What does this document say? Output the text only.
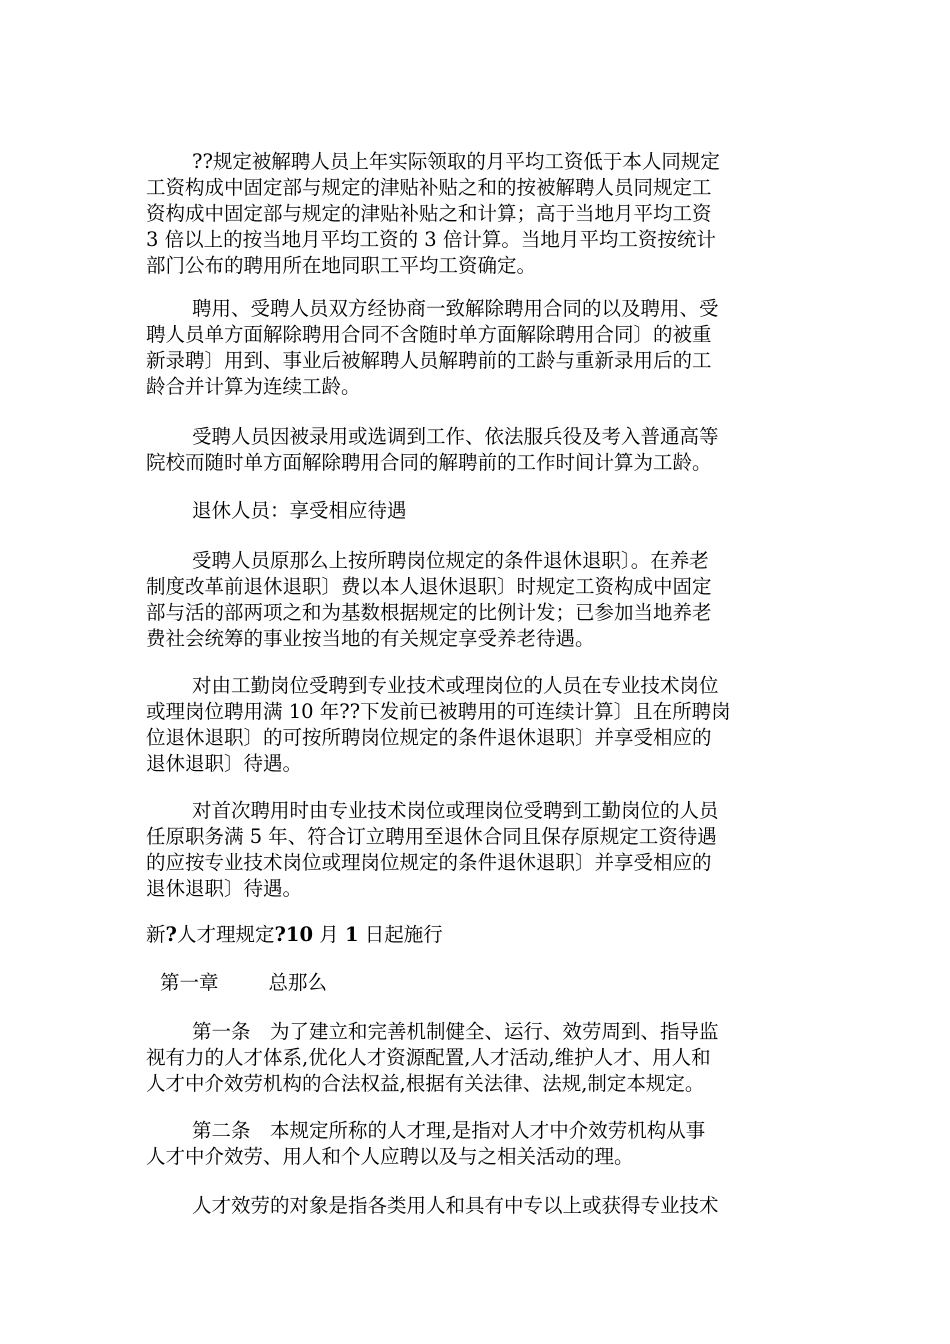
??规定被解聘人员上年实际领取的月平均工资低于本人同规定
工资构成中固定部与规定的津贴补贴之和的按被解聘人员同规定工
资构成中固定部与规定的津贴补贴之和计算；高于当地月平均工资
3 倍以上的按当地月平均工资的 3 倍计算。当地月平均工资按统计
部门公布的聘用所在地同职工平均工资确定。
聘用、受聘人员双方经协商一致解除聘用合同的以及聘用、受
聘人员单方面解除聘用合同不含随时单方面解除聘用合同〕的被重
新录聘〕用到、事业后被解聘人员解聘前的工龄与重新录用后的工
龄合并计算为连续工龄。
受聘人员因被录用或选调到工作、依法服兵役及考入普通高等
院校而随时单方面解除聘用合同的解聘前的工作时间计算为工龄。
退休人员：享受相应待遇
受聘人员原那么上按所聘岗位规定的条件退休退职〕。在养老
制度改革前退休退职〕费以本人退休退职〕时规定工资构成中固定
部与活的部两项之和为基数根据规定的比例计发；已参加当地养老
费社会统筹的事业按当地的有关规定享受养老待遇。
对由工勤岗位受聘到专业技术或理岗位的人员在专业技术岗位
或理岗位聘用满 10 年??下发前已被聘用的可连续计算〕且在所聘岗
位退休退职〕的可按所聘岗位规定的条件退休退职〕并享受相应的
退休退职〕待遇。
对首次聘用时由专业技术岗位或理岗位受聘到工勤岗位的人员
任原职务满 5 年、符合订立聘用至退休合同且保存原规定工资待遇
的应按专业技术岗位或理岗位规定的条件退休退职〕并享受相应的
退休退职〕待遇。
新?人才理规定?10 月 1 日起施行
第一章	总那么
第一条　为了建立和完善机制健全、运行、效劳周到、指导监
视有力的人才体系,优化人才资源配置,人才活动,维护人才、用人和
人才中介效劳机构的合法权益,根据有关法律、法规,制定本规定。
第二条　本规定所称的人才理,是指对人才中介效劳机构从事
人才中介效劳、用人和个人应聘以及与之相关活动的理。
人才效劳的对象是指各类用人和具有中专以上或获得专业技术
